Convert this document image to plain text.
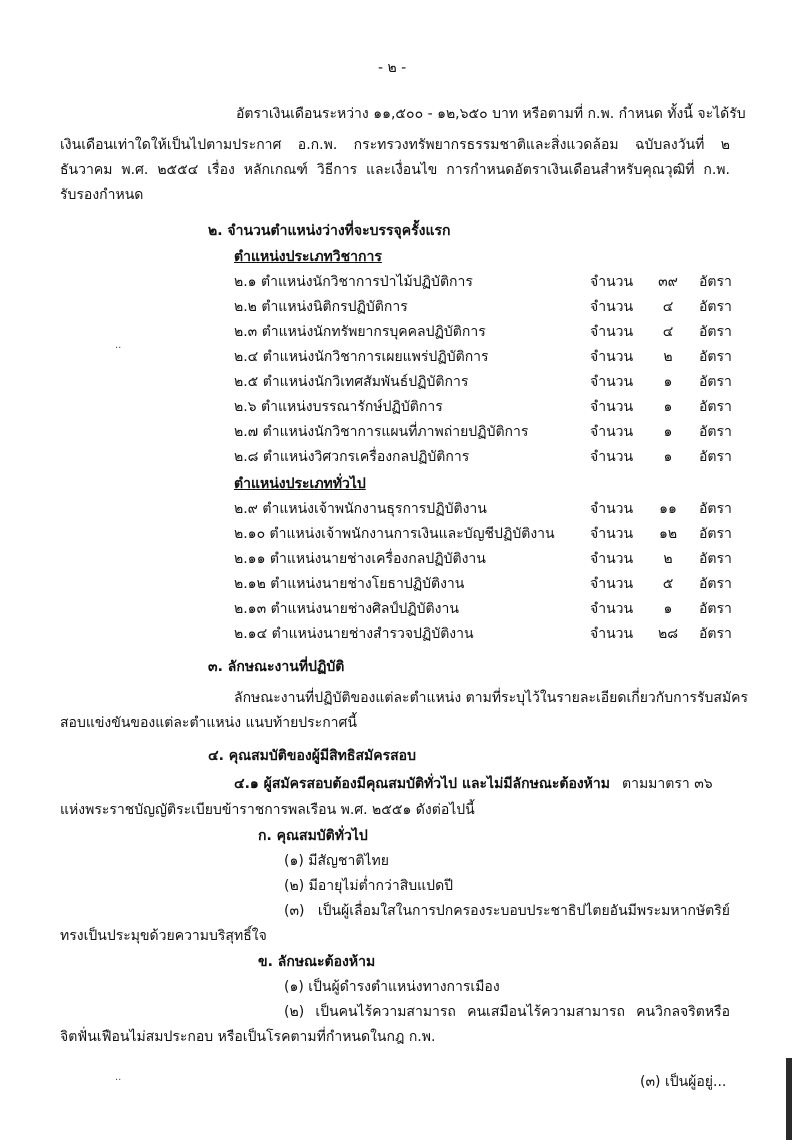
- ๒ -
อัตราเงินเดือนระหว่าง ๑๑,๕๐๐ - ๑๒,๖๕๐ บาท หรือตามที่ ก.พ. กำหนด ทั้งนี้ จะได้รับ
เงินเดือนเท่าใดให้เป็นไปตามประกาศ อ.ก.พ. กระทรวงทรัพยากรธรรมชาติและสิ่งแวดล้อม ฉบับลงวันที่ ๒
ธันวาคม พ.ศ. ๒๕๕๔ เรื่อง หลักเกณฑ์ วิธีการ และเงื่อนไข การกำหนดอัตราเงินเดือนสำหรับคุณวุฒิที่ ก.พ.
รับรองกำหนด
๒. จำนวนตำแหน่งว่างที่จะบรรจุครั้งแรก
ตำแหน่งประเภทวิชาการ
๒.๑ ตำแหน่งนักวิชาการป่าไม้ปฏิบัติการ	จำนวน	๓๙	อัตรา
๒.๒ ตำแหน่งนิติกรปฏิบัติการ	จำนวน	๔	อัตรา
๒.๓ ตำแหน่งนักทรัพยากรบุคคลปฏิบัติการ	จำนวน	๔	อัตรา
๒.๔ ตำแหน่งนักวิชาการเผยแพร่ปฏิบัติการ	จำนวน	๒	อัตรา
๒.๕ ตำแหน่งนักวิเทศสัมพันธ์ปฏิบัติการ	จำนวน	๑	อัตรา
๒.๖ ตำแหน่งบรรณารักษ์ปฏิบัติการ	จำนวน	๑	อัตรา
๒.๗ ตำแหน่งนักวิชาการแผนที่ภาพถ่ายปฏิบัติการ	จำนวน	๑	อัตรา
๒.๘ ตำแหน่งวิศวกรเครื่องกลปฏิบัติการ	จำนวน	๑	อัตรา
ตำแหน่งประเภททั่วไป
๒.๙ ตำแหน่งเจ้าพนักงานธุรการปฏิบัติงาน	จำนวน	๑๑	อัตรา
๒.๑๐ ตำแหน่งเจ้าพนักงานการเงินและบัญชีปฏิบัติงาน	จำนวน	๑๒	อัตรา
๒.๑๑ ตำแหน่งนายช่างเครื่องกลปฏิบัติงาน	จำนวน	๒	อัตรา
๒.๑๒ ตำแหน่งนายช่างโยธาปฏิบัติงาน	จำนวน	๕	อัตรา
๒.๑๓ ตำแหน่งนายช่างศิลป์ปฏิบัติงาน	จำนวน	๑	อัตรา
๒.๑๔ ตำแหน่งนายช่างสำรวจปฏิบัติงาน	จำนวน	๒๘	อัตรา
๓. ลักษณะงานที่ปฏิบัติ
ลักษณะงานที่ปฏิบัติของแต่ละตำแหน่ง ตามที่ระบุไว้ในรายละเอียดเกี่ยวกับการรับสมัคร
สอบแข่งขันของแต่ละตำแหน่ง แนบท้ายประกาศนี้
๔. คุณสมบัติของผู้มีสิทธิสมัครสอบ
๔.๑ ผู้สมัครสอบต้องมีคุณสมบัติทั่วไป และไม่มีลักษณะต้องห้าม ตามมาตรา ๓๖
แห่งพระราชบัญญัติระเบียบข้าราชการพลเรือน พ.ศ. ๒๕๕๑ ดังต่อไปนี้
ก. คุณสมบัติทั่วไป
(๑) มีสัญชาติไทย
(๒) มีอายุไม่ต่ำกว่าสิบแปดปี
(๓) เป็นผู้เลื่อมใสในการปกครองระบอบประชาธิปไตยอันมีพระมหากษัตริย์
ทรงเป็นประมุขด้วยความบริสุทธิ์ใจ
ข. ลักษณะต้องห้าม
(๑) เป็นผู้ดำรงตำแหน่งทางการเมือง
(๒) เป็นคนไร้ความสามารถ คนเสมือนไร้ความสามารถ คนวิกลจริตหรือ
จิตฟั่นเฟือนไม่สมประกอบ หรือเป็นโรคตามที่กำหนดในกฎ ก.พ.
(๓) เป็นผู้อยู่...
..
..
